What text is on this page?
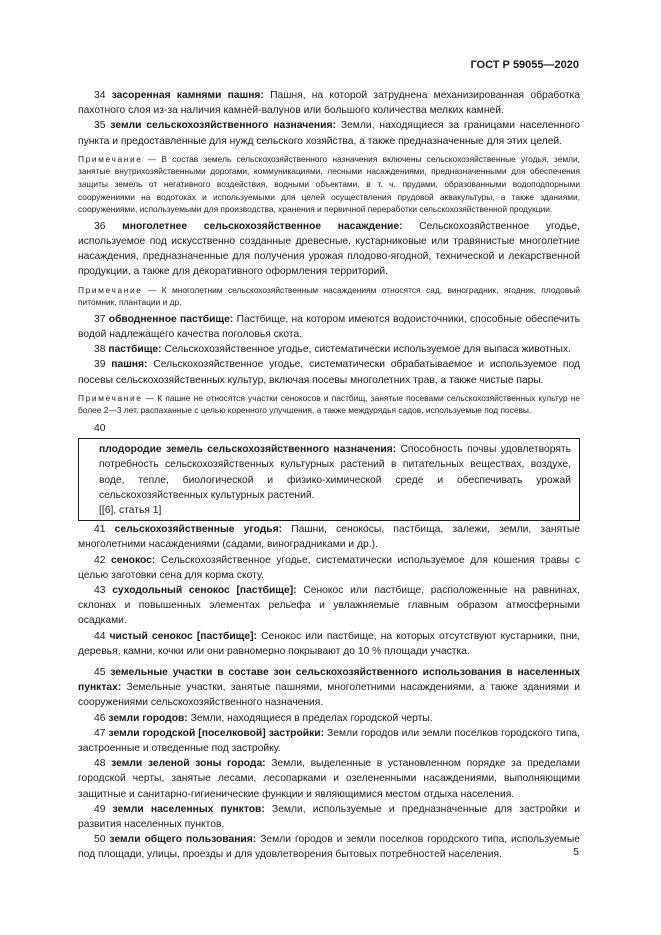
ГОСТ Р 59055—2020

34 засоренная камнями пашня: Пашня, на которой затруднена механизированная обработка пахотного слоя из-за наличия камней-валунов или большого количества мелких камней.

35 земли сельскохозяйственного назначения: Земли, находящиеся за границами населенного пункта и предоставленные для нужд сельского хозяйства, а также предназначенные для этих целей.

Примечание — В состав земель сельскохозяйственного назначения включены сельскохозяйственные угодья, земли, занятые внутрихозяйственными дорогами, коммуникациями, лесными насаждениями, предназначенными для обеспечения защиты земель от негативного воздействия, водными объектами, в т. ч. прудами, образованными водоподпорными сооружениями на водотоках и используемыми для целей осуществления прудовой аквакультуры, а также зданиями, сооружениями, используемыми для производства, хранения и первичной переработки сельскохозяйственной продукции.

36 многолетнее сельскохозяйственное насаждение: Сельскохозяйственное угодье, используемое под искусственно созданные древесные, кустарниковые или травянистые многолетние насаждения, предназначенные для получения урожая плодово-ягодной, технической и лекарственной продукции, а также для декоративного оформления территорий.

Примечание — К многолетним сельскохозяйственным насаждениям относятся сад, виноградник, ягодник, плодовый питомник, плантации и др.

37 обводненное пастбище: Пастбище, на котором имеются водоисточники, способные обеспечить водой надлежащего качества поголовья скота.

38 пастбище: Сельскохозяйственное угодье, систематически используемое для выпаса животных.

39 пашня: Сельскохозяйственное угодье, систематически обрабатываемое и используемое под посевы сельскохозяйственных культур, включая посевы многолетних трав, а также чистые пары.

Примечание — К пашне не относятся участки сенокосов и пастбищ, занятые посевами сельскохозяйственных культур не более 2—3 лет, распаханные с целью коренного улучшения, а также междурядья садов, используемые под посевы.

40

плодородие земель сельскохозяйственного назначения: Способность почвы удовлетворять потребность сельскохозяйственных культурных растений в питательных веществах, воздухе, воде, тепле, биологической и физико-химической среде и обеспечивать урожай сельскохозяйственных культурных растений.

[[6], статья 1]

41 сельскохозяйственные угодья: Пашни, сенокосы, пастбища, залежи, земли, занятые многолетними насаждениями (садами, виноградниками и др.).

42 сенокос: Сельскохозяйственное угодье, систематически используемое для кошения травы с целью заготовки сена для корма скоту.

43 суходольный сенокос [пастбище]: Сенокос или пастбище, расположенные на равнинах, склонах и повышенных элементах рельефа и увлажняемые главным образом атмосферными осадками.

44 чистый сенокос [пастбище]: Сенокос или пастбище, на которых отсутствуют кустарники, пни, деревья, камни, кочки или они равномерно покрывают до 10 % площади участка.

45 земельные участки в составе зон сельскохозяйственного использования в населенных пунктах: Земельные участки, занятые пашнями, многолетними насаждениями, а также зданиями и сооружениями сельскохозяйственного назначения.

46 земли городов: Земли, находящиеся в пределах городской черты.

47 земли городской [поселковой] застройки: Земли городов или земли поселков городского типа, застроенные и отведенные под застройку.

48 земли зеленой зоны города: Земли, выделенные в установленном порядке за пределами городской черты, занятые лесами, лесопарками и озелененными насаждениями, выполняющими защитные и санитарно-гигиенические функции и являющимися местом отдыха населения.

49 земли населенных пунктов: Земли, используемые и предназначенные для застройки и развития населенных пунктов.

50 земли общего пользования: Земли городов и земли поселков городского типа, используемые под площади, улицы, проезды и для удовлетворения бытовых потребностей населения.	5
